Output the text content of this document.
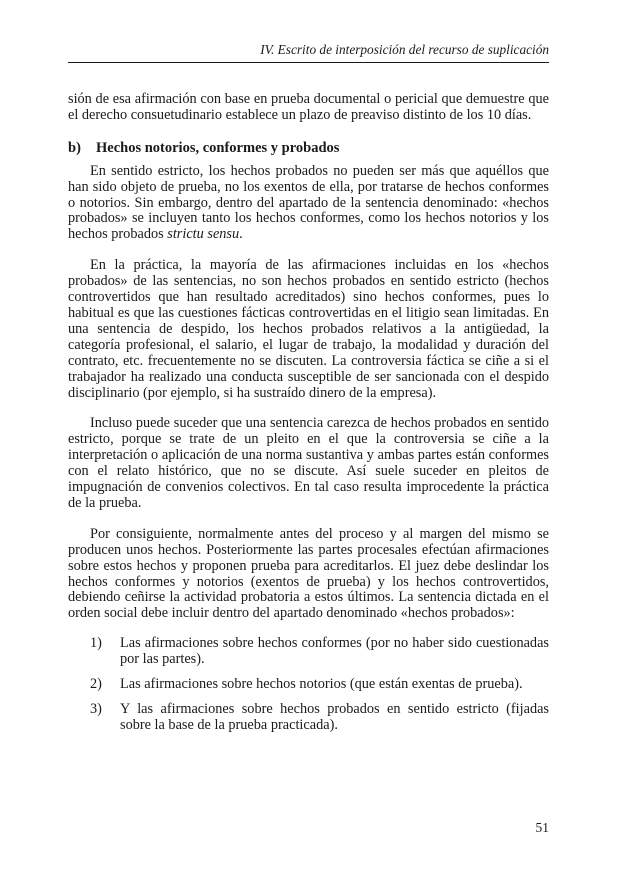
IV. Escrito de interposición del recurso de suplicación

sión de esa afirmación con base en prueba documental o pericial que demuestre que el derecho consuetudinario establece un plazo de preaviso distinto de los 10 días.

b)	Hechos notorios, conformes y probados

En sentido estricto, los hechos probados no pueden ser más que aquéllos que han sido objeto de prueba, no los exentos de ella, por tratarse de hechos conformes o notorios. Sin embargo, dentro del apartado de la sentencia denominado: «hechos probados» se incluyen tanto los hechos conformes, como los hechos notorios y los hechos probados strictu sensu.

En la práctica, la mayoría de las afirmaciones incluidas en los «hechos probados» de las sentencias, no son hechos probados en sentido estricto (hechos controvertidos que han resultado acreditados) sino hechos conformes, pues lo habitual es que las cuestiones fácticas controvertidas en el litigio sean limitadas. En una sentencia de despido, los hechos probados relativos a la antigüedad, la categoría profesional, el salario, el lugar de trabajo, la modalidad y duración del contrato, etc. frecuentemente no se discuten. La controversia fáctica se ciñe a si el trabajador ha realizado una conducta susceptible de ser sancionada con el despido disciplinario (por ejemplo, si ha sustraído dinero de la empresa).

Incluso puede suceder que una sentencia carezca de hechos probados en sentido estricto, porque se trate de un pleito en el que la controversia se ciñe a la interpretación o aplicación de una norma sustantiva y ambas partes están conformes con el relato histórico, que no se discute. Así suele suceder en pleitos de impugnación de convenios colectivos. En tal caso resulta improcedente la práctica de la prueba.

Por consiguiente, normalmente antes del proceso y al margen del mismo se producen unos hechos. Posteriormente las partes procesales efectúan afirmaciones sobre estos hechos y proponen prueba para acreditarlos. El juez debe deslindar los hechos conformes y notorios (exentos de prueba) y los hechos controvertidos, debiendo ceñirse la actividad probatoria a estos últimos. La sentencia dictada en el orden social debe incluir dentro del apartado denominado «hechos probados»:

1)	Las afirmaciones sobre hechos conformes (por no haber sido cuestionadas por las partes).
2)	Las afirmaciones sobre hechos notorios (que están exentas de prueba).
3)	Y las afirmaciones sobre hechos probados en sentido estricto (fijadas sobre la base de la prueba practicada).
51
